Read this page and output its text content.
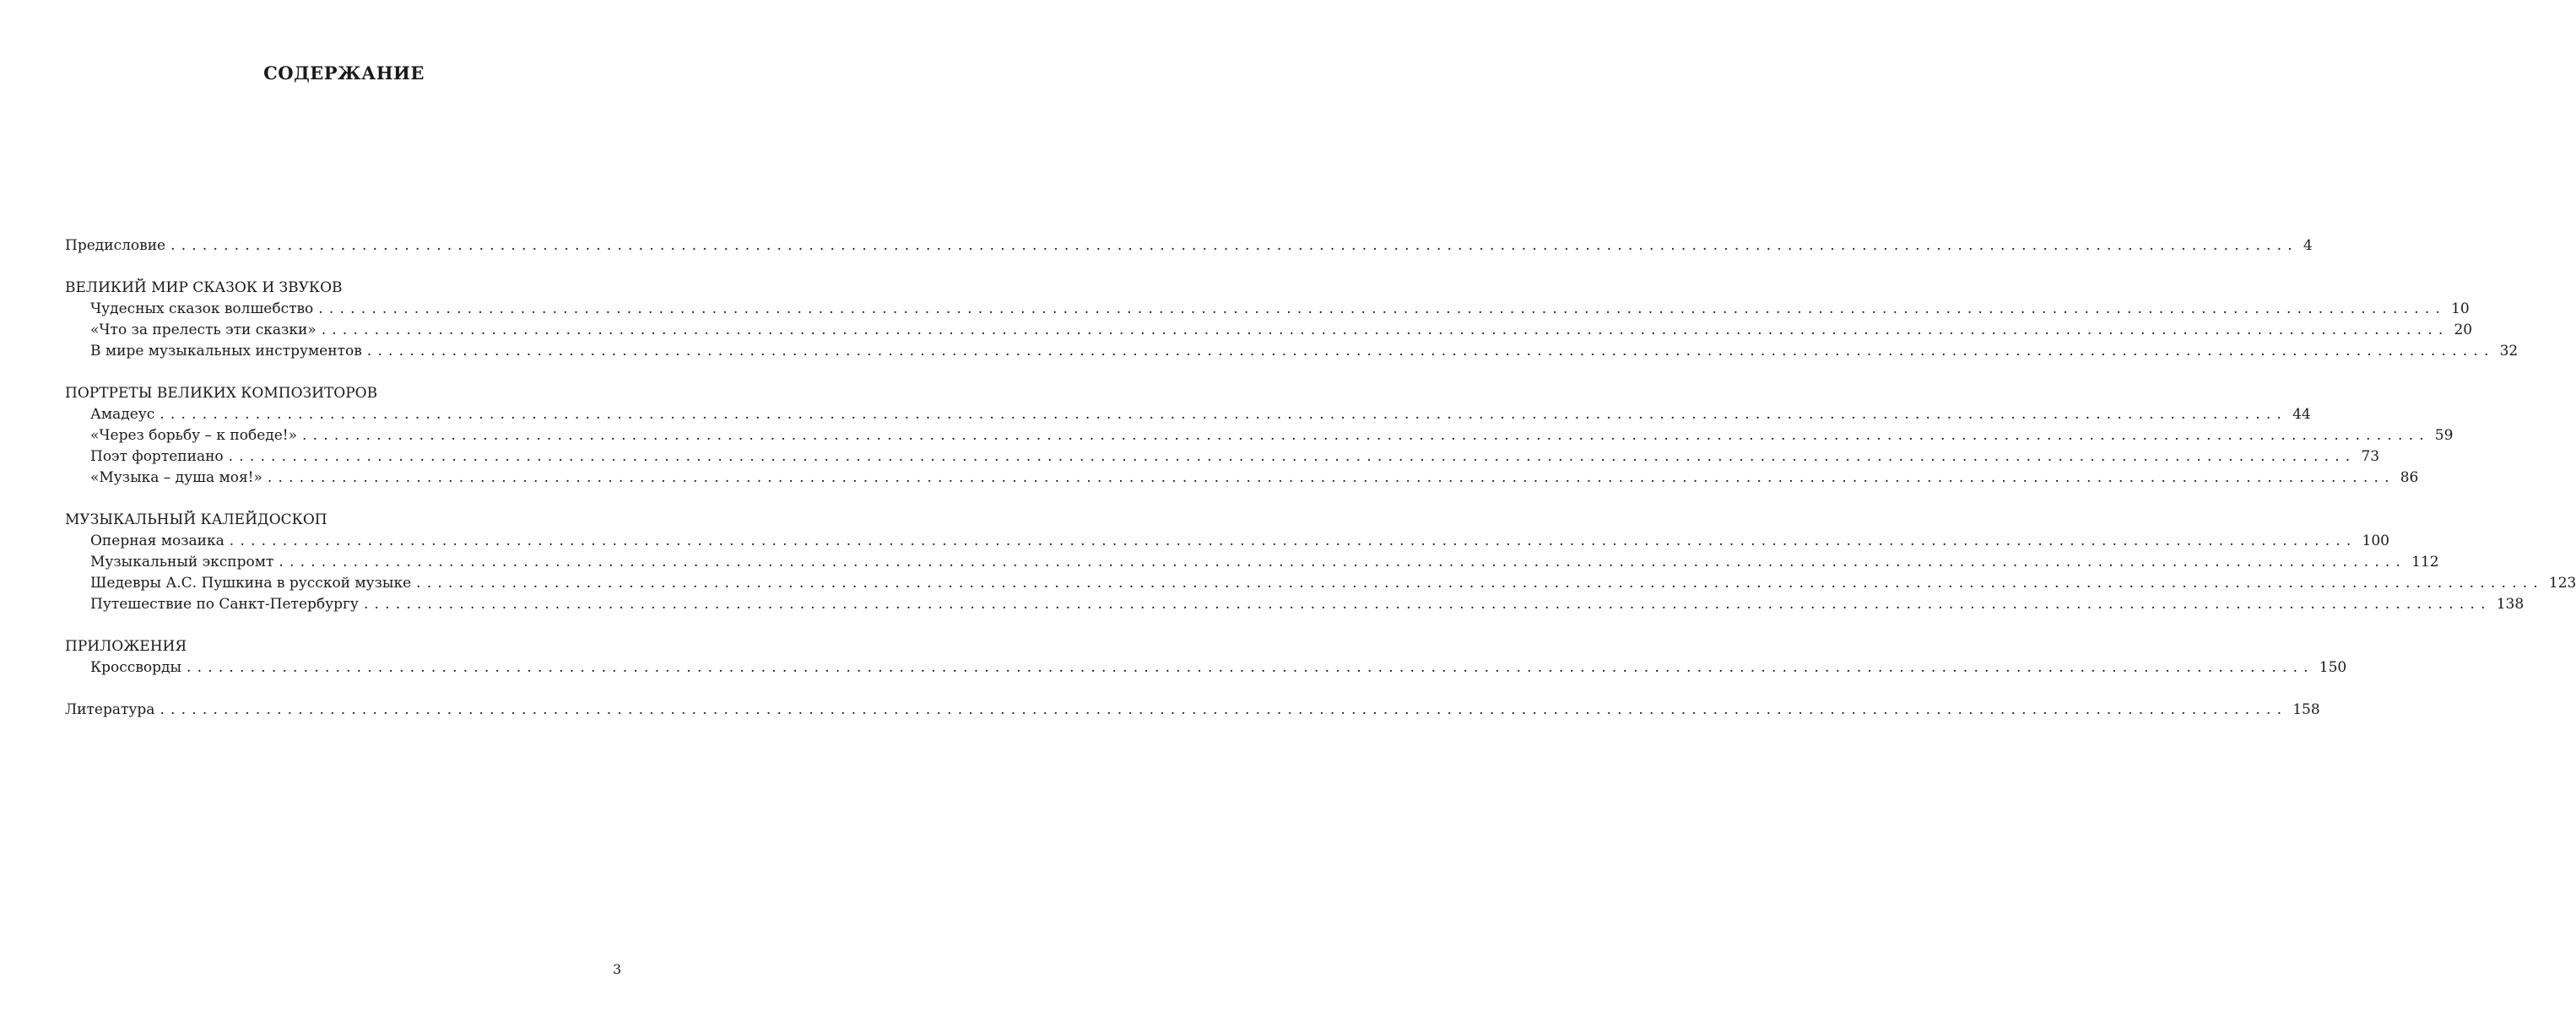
СОДЕРЖАНИЕ
Предисловие ........................................................................................................................................................................................................ 4
ВЕЛИКИЙ МИР СКАЗОК И ЗВУКОВ
Чудесных сказок волшебство ........................................................................................................................................................................................................ 10
«Что за прелесть эти сказки» ........................................................................................................................................................................................................ 20
В мире музыкальных инструментов ........................................................................................................................................................................................................ 32
ПОРТРЕТЫ ВЕЛИКИХ КОМПОЗИТОРОВ
Амадеус ........................................................................................................................................................................................................ 44
«Через борьбу – к победе!» ........................................................................................................................................................................................................ 59
Поэт фортепиано ........................................................................................................................................................................................................ 73
«Музыка – душа моя!» ........................................................................................................................................................................................................ 86
МУЗЫКАЛЬНЫЙ КАЛЕЙДОСКОП
Оперная мозаика ........................................................................................................................................................................................................ 100
Музыкальный экспромт ........................................................................................................................................................................................................ 112
Шедевры А.С. Пушкина в русской музыке ........................................................................................................................................................................................................ 123
Путешествие по Санкт-Петербургу ........................................................................................................................................................................................................ 138
ПРИЛОЖЕНИЯ
Кроссворды ........................................................................................................................................................................................................ 150
Литература ........................................................................................................................................................................................................ 158
3
